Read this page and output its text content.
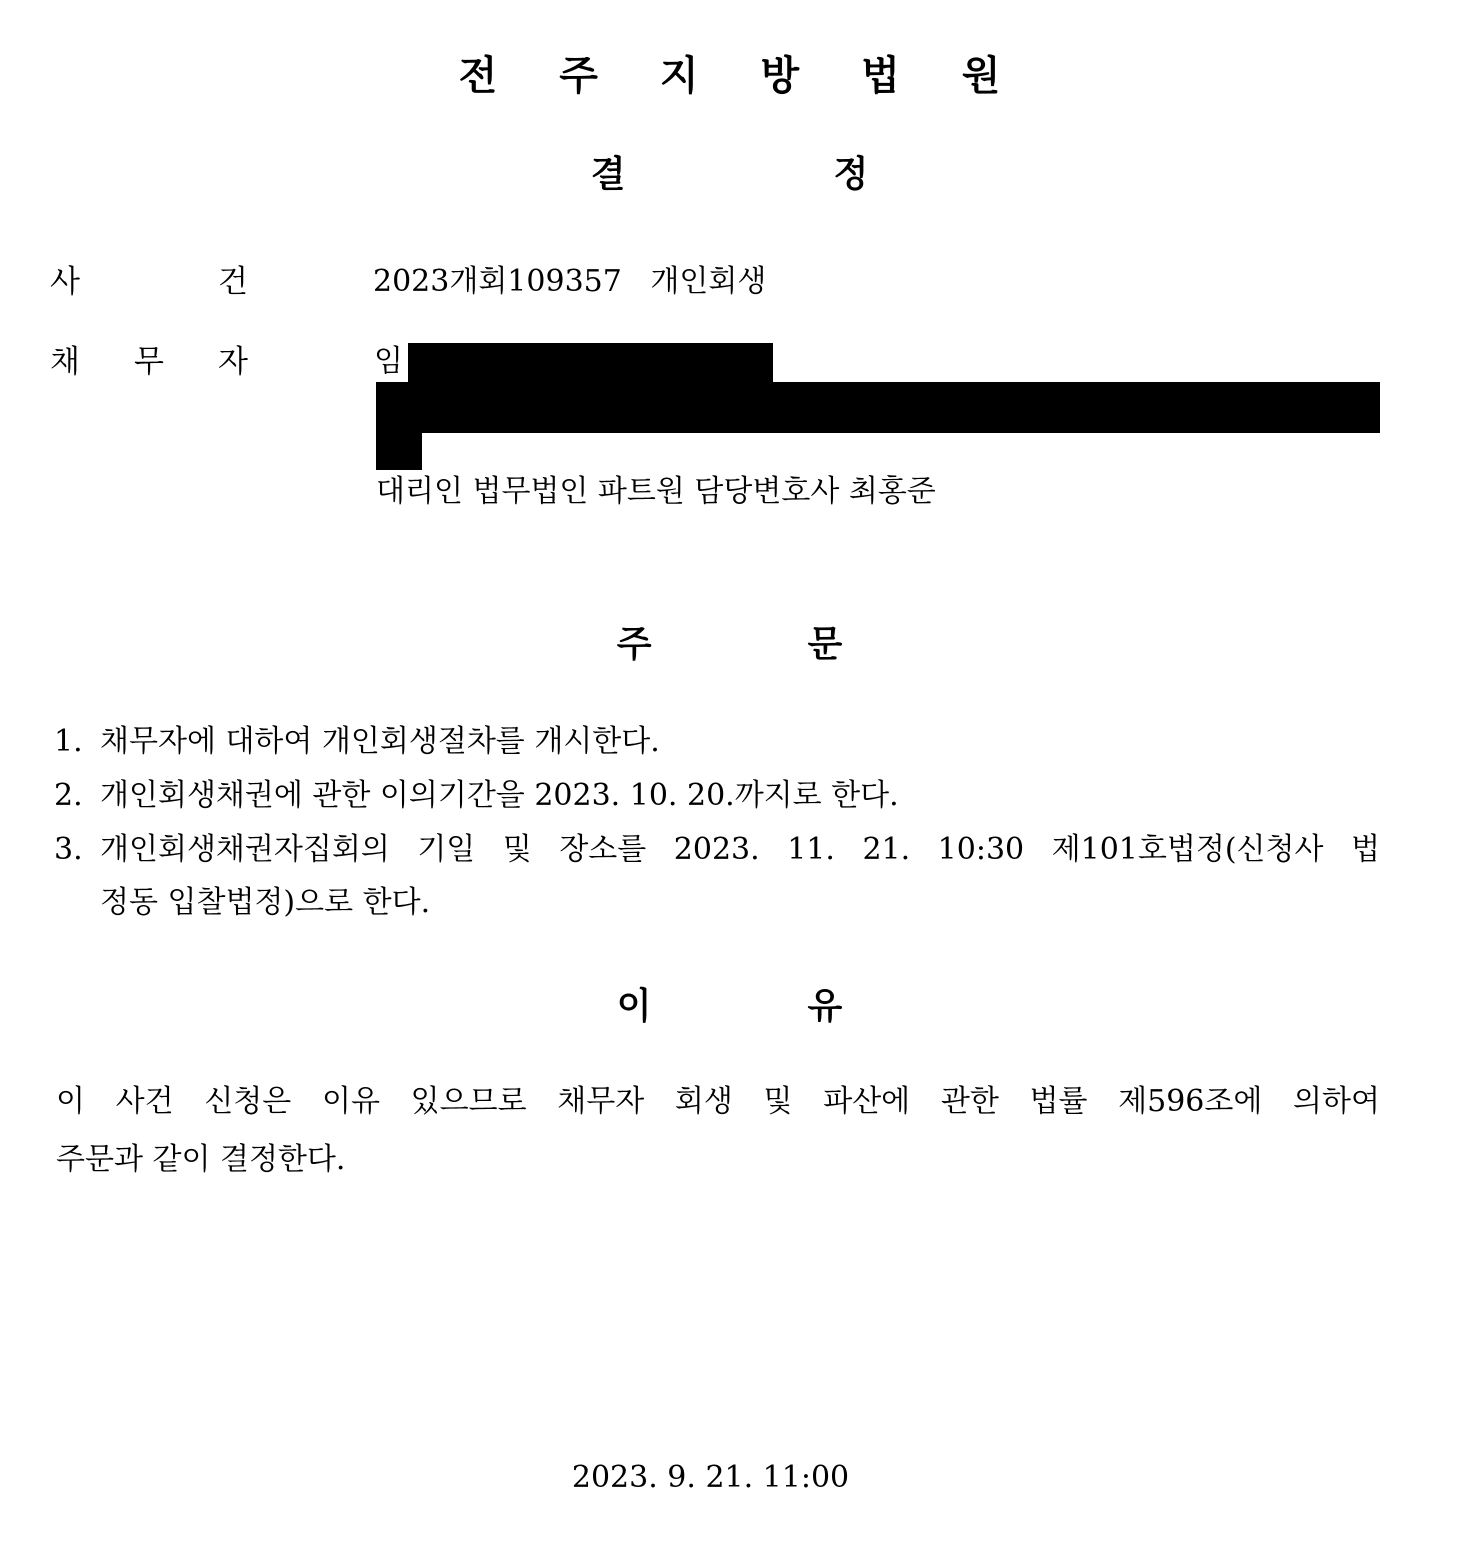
전 주 지 방 법 원
결	정
사	건	2023개회109357   개인회생
채 무 자	임
대리인 법무법인 파트원 담당변호사 최홍준
주	문
1. 채무자에 대하여 개인회생절차를 개시한다.
2. 개인회생채권에 관한 이의기간을 2023. 10. 20.까지로 한다.
3. 개인회생채권자집회의 기일 및 장소를 2023. 11. 21. 10:30 제101호법정(신청사 법
정동 입찰법정)으로 한다.
이	유
이 사건 신청은 이유 있으므로 채무자 회생 및 파산에 관한 법률 제596조에 의하여
주문과 같이 결정한다.
2023. 9. 21. 11:00
